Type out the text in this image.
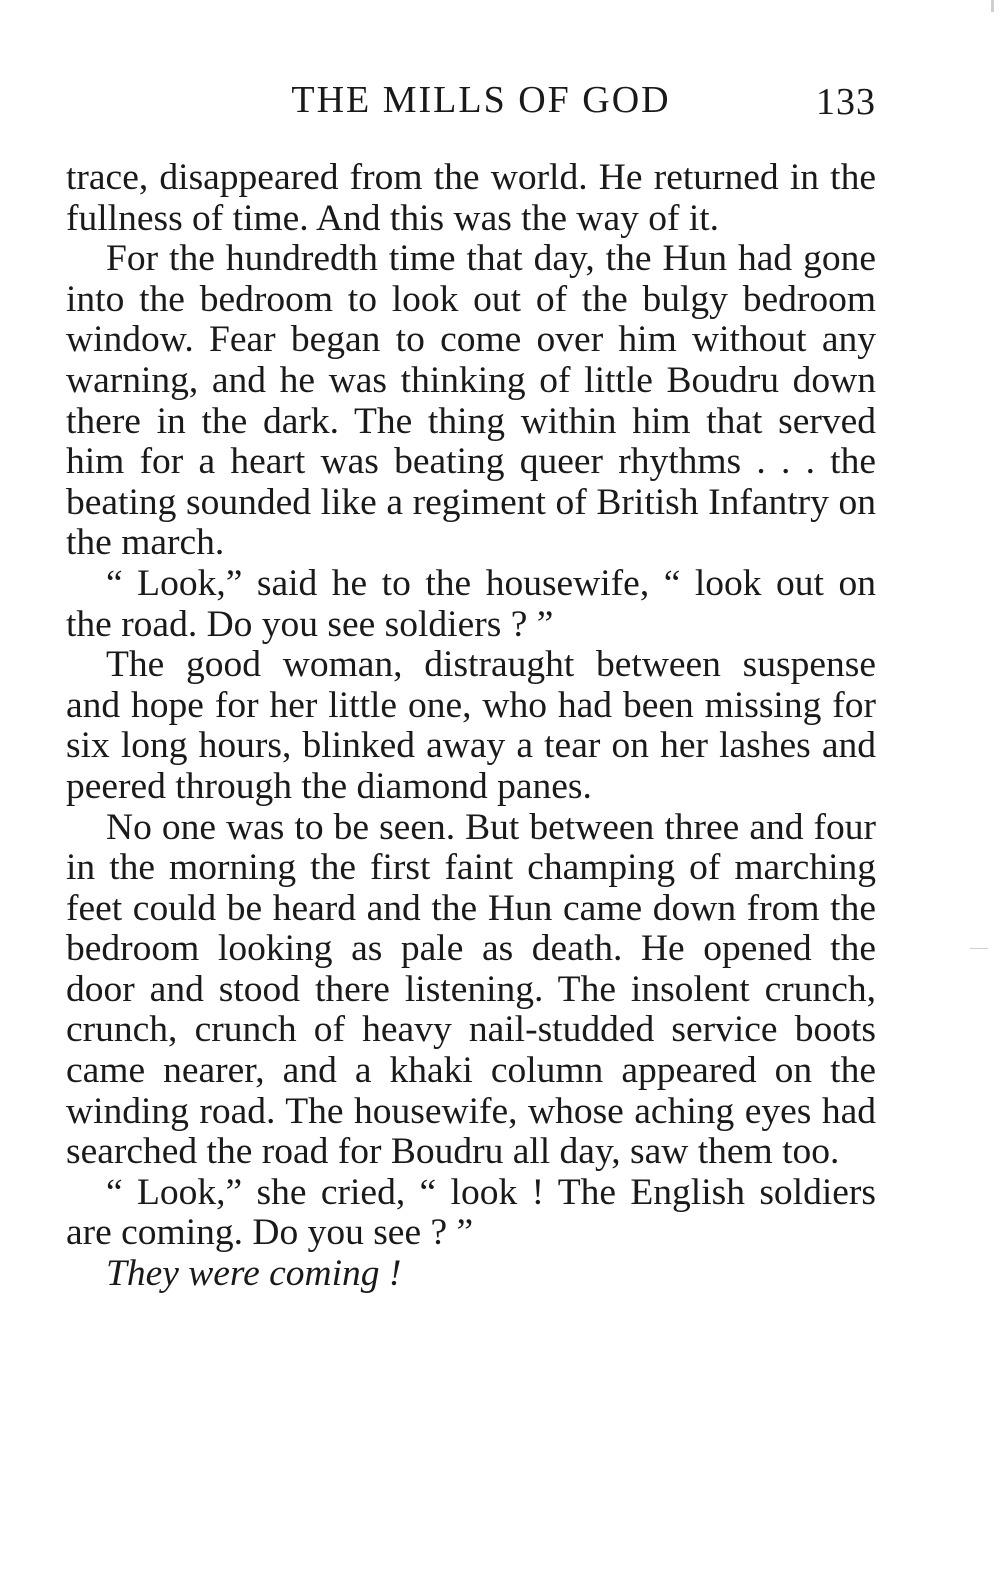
THE MILLS OF GOD	133

trace, disappeared from the world. He returned in the fullness of time. And this was the way of it.

For the hundredth time that day, the Hun had gone into the bedroom to look out of the bulgy bedroom window. Fear began to come over him without any warning, and he was thinking of little Boudru down there in the dark. The thing within him that served him for a heart was beating queer rhythms . . . the beating sounded like a regiment of British Infantry on the march.

“ Look,” said he to the housewife, “ look out on the road. Do you see soldiers ? ”

The good woman, distraught between suspense and hope for her little one, who had been missing for six long hours, blinked away a tear on her lashes and peered through the diamond panes.

No one was to be seen. But between three and four in the morning the first faint champing of marching feet could be heard and the Hun came down from the bedroom looking as pale as death. He opened the door and stood there listening. The insolent crunch, crunch, crunch of heavy nail-studded service boots came nearer, and a khaki column appeared on the winding road. The housewife, whose aching eyes had searched the road for Boudru all day, saw them too.

“ Look,” she cried, “ look ! The English soldiers are coming. Do you see ? ”

They were coming !
